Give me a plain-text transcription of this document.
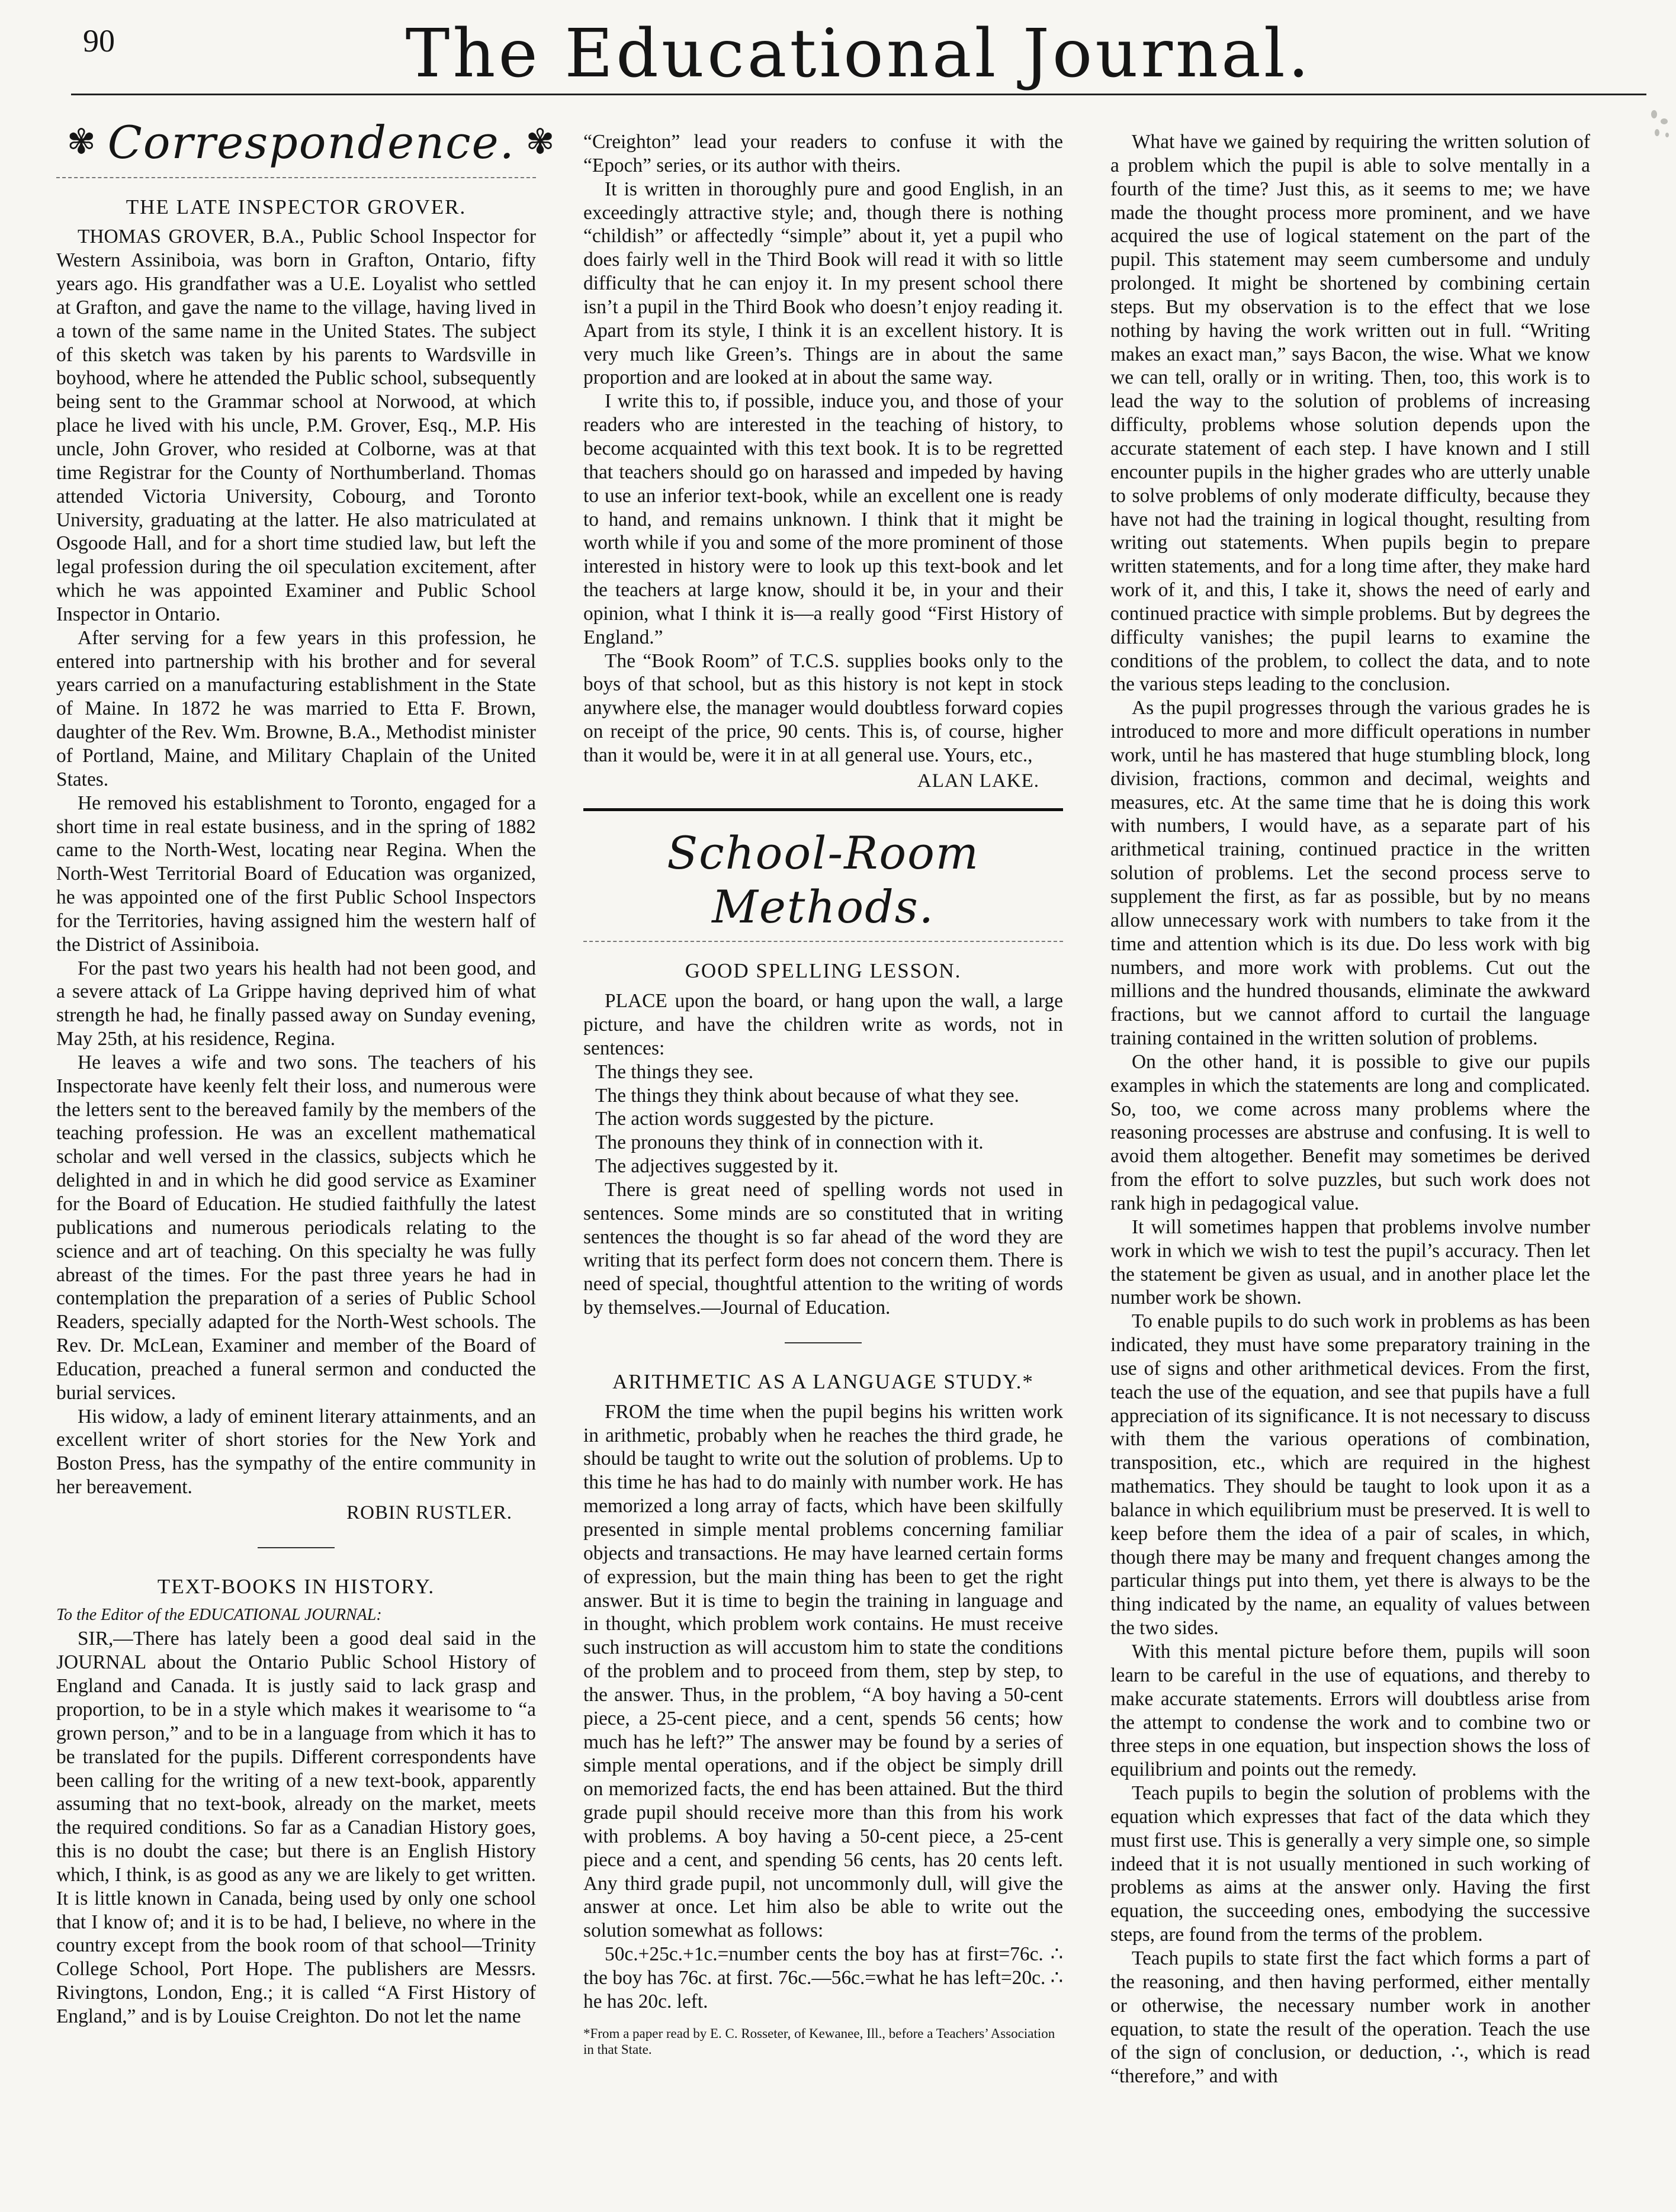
90	The Educational Journal.
✾ Correspondence. ✾
THE LATE INSPECTOR GROVER.

THOMAS GROVER, B.A., Public School Inspector for Western Assiniboia, was born in Grafton, Ontario, fifty years ago. His grandfather was a U.E. Loyalist who settled at Grafton, and gave the name to the village, having lived in a town of the same name in the United States. The subject of this sketch was taken by his parents to Wardsville in boyhood, where he attended the Public school, subsequently being sent to the Grammar school at Norwood, at which place he lived with his uncle, P.M. Grover, Esq., M.P. His uncle, John Grover, who resided at Colborne, was at that time Registrar for the County of Northumberland. Thomas attended Victoria University, Cobourg, and Toronto University, graduating at the latter. He also matriculated at Osgoode Hall, and for a short time studied law, but left the legal profession during the oil speculation excitement, after which he was appointed Examiner and Public School Inspector in Ontario.

After serving for a few years in this profession, he entered into partnership with his brother and for several years carried on a manufacturing establishment in the State of Maine. In 1872 he was married to Etta F. Brown, daughter of the Rev. Wm. Browne, B.A., Methodist minister of Portland, Maine, and Military Chaplain of the United States.

He removed his establishment to Toronto, engaged for a short time in real estate business, and in the spring of 1882 came to the North-West, locating near Regina. When the North-West Territorial Board of Education was organized, he was appointed one of the first Public School Inspectors for the Territories, having assigned him the western half of the District of Assiniboia.

For the past two years his health had not been good, and a severe attack of La Grippe having deprived him of what strength he had, he finally passed away on Sunday evening, May 25th, at his residence, Regina.

He leaves a wife and two sons. The teachers of his Inspectorate have keenly felt their loss, and numerous were the letters sent to the bereaved family by the members of the teaching profession. He was an excellent mathematical scholar and well versed in the classics, subjects which he delighted in and in which he did good service as Examiner for the Board of Education. He studied faithfully the latest publications and numerous periodicals relating to the science and art of teaching. On this specialty he was fully abreast of the times. For the past three years he had in contemplation the preparation of a series of Public School Readers, specially adapted for the North-West schools. The Rev. Dr. McLean, Examiner and member of the Board of Education, preached a funeral sermon and conducted the burial services.

His widow, a lady of eminent literary attainments, and an excellent writer of short stories for the New York and Boston Press, has the sympathy of the entire community in her bereavement.

ROBIN RUSTLER.
TEXT-BOOKS IN HISTORY.
To the Editor of the EDUCATIONAL JOURNAL:

SIR,—There has lately been a good deal said in the JOURNAL about the Ontario Public School History of England and Canada. It is justly said to lack grasp and proportion, to be in a style which makes it wearisome to “a grown person,” and to be in a language from which it has to be translated for the pupils. Different correspondents have been calling for the writing of a new text-book, apparently assuming that no text-book, already on the market, meets the required conditions. So far as a Canadian History goes, this is no doubt the case; but there is an English History which, I think, is as good as any we are likely to get written. It is little known in Canada, being used by only one school that I know of; and it is to be had, I believe, no where in the country except from the book room of that school—Trinity College School, Port Hope. The publishers are Messrs. Rivingtons, London, Eng.; it is called “A First History of England,” and is by Louise Creighton. Do not let the name

“Creighton” lead your readers to confuse it with the “Epoch” series, or its author with theirs.

It is written in thoroughly pure and good English, in an exceedingly attractive style; and, though there is nothing “childish” or affectedly “simple” about it, yet a pupil who does fairly well in the Third Book will read it with so little difficulty that he can enjoy it. In my present school there isn’t a pupil in the Third Book who doesn’t enjoy reading it. Apart from its style, I think it is an excellent history. It is very much like Green’s. Things are in about the same proportion and are looked at in about the same way.

I write this to, if possible, induce you, and those of your readers who are interested in the teaching of history, to become acquainted with this text book. It is to be regretted that teachers should go on harassed and impeded by having to use an inferior text-book, while an excellent one is ready to hand, and remains unknown. I think that it might be worth while if you and some of the more prominent of those interested in history were to look up this text-book and let the teachers at large know, should it be, in your and their opinion, what I think it is—a really good “First History of England.”

The “Book Room” of T.C.S. supplies books only to the boys of that school, but as this history is not kept in stock anywhere else, the manager would doubtless forward copies on receipt of the price, 90 cents. This is, of course, higher than it would be, were it in at all general use. Yours, etc.,

ALAN LAKE.
School-Room Methods.
GOOD SPELLING LESSON.

PLACE upon the board, or hang upon the wall, a large picture, and have the children write as words, not in sentences:

The things they see.
The things they think about because of what they see.
The action words suggested by the picture.
The pronouns they think of in connection with it.
The adjectives suggested by it.

There is great need of spelling words not used in sentences. Some minds are so constituted that in writing sentences the thought is so far ahead of the word they are writing that its perfect form does not concern them. There is need of special, thoughtful attention to the writing of words by themselves.—Journal of Education.

ARITHMETIC AS A LANGUAGE STUDY.*

FROM the time when the pupil begins his written work in arithmetic, probably when he reaches the third grade, he should be taught to write out the solution of problems. Up to this time he has had to do mainly with number work. He has memorized a long array of facts, which have been skilfully presented in simple mental problems concerning familiar objects and transactions. He may have learned certain forms of expression, but the main thing has been to get the right answer. But it is time to begin the training in language and in thought, which problem work contains. He must receive such instruction as will accustom him to state the conditions of the problem and to proceed from them, step by step, to the answer. Thus, in the problem, “A boy having a 50-cent piece, a 25-cent piece, and a cent, spends 56 cents; how much has he left?” The answer may be found by a series of simple mental operations, and if the object be simply drill on memorized facts, the end has been attained. But the third grade pupil should receive more than this from his work with problems. A boy having a 50-cent piece, a 25-cent piece and a cent, and spending 56 cents, has 20 cents left. Any third grade pupil, not uncommonly dull, will give the answer at once. Let him also be able to write out the solution somewhat as follows:

50c.+25c.+1c.=number cents the boy has at first=76c. ∴ the boy has 76c. at first. 76c.—56c.=what he has left=20c. ∴ he has 20c. left.

*From a paper read by E. C. Rosseter, of Kewanee, Ill., before a Teachers’ Association in that State.

What have we gained by requiring the written solution of a problem which the pupil is able to solve mentally in a fourth of the time? Just this, as it seems to me; we have made the thought process more prominent, and we have acquired the use of logical statement on the part of the pupil. This statement may seem cumbersome and unduly prolonged. It might be shortened by combining certain steps. But my observation is to the effect that we lose nothing by having the work written out in full. “Writing makes an exact man,” says Bacon, the wise. What we know we can tell, orally or in writing. Then, too, this work is to lead the way to the solution of problems of increasing difficulty, problems whose solution depends upon the accurate statement of each step. I have known and I still encounter pupils in the higher grades who are utterly unable to solve problems of only moderate difficulty, because they have not had the training in logical thought, resulting from writing out statements. When pupils begin to prepare written statements, and for a long time after, they make hard work of it, and this, I take it, shows the need of early and continued practice with simple problems. But by degrees the difficulty vanishes; the pupil learns to examine the conditions of the problem, to collect the data, and to note the various steps leading to the conclusion.

As the pupil progresses through the various grades he is introduced to more and more difficult operations in number work, until he has mastered that huge stumbling block, long division, fractions, common and decimal, weights and measures, etc. At the same time that he is doing this work with numbers, I would have, as a separate part of his arithmetical training, continued practice in the written solution of problems. Let the second process serve to supplement the first, as far as possible, but by no means allow unnecessary work with numbers to take from it the time and attention which is its due. Do less work with big numbers, and more work with problems. Cut out the millions and the hundred thousands, eliminate the awkward fractions, but we cannot afford to curtail the language training contained in the written solution of problems.

On the other hand, it is possible to give our pupils examples in which the statements are long and complicated. So, too, we come across many problems where the reasoning processes are abstruse and confusing. It is well to avoid them altogether. Benefit may sometimes be derived from the effort to solve puzzles, but such work does not rank high in pedagogical value.

It will sometimes happen that problems involve number work in which we wish to test the pupil’s accuracy. Then let the statement be given as usual, and in another place let the number work be shown.

To enable pupils to do such work in problems as has been indicated, they must have some preparatory training in the use of signs and other arithmetical devices. From the first, teach the use of the equation, and see that pupils have a full appreciation of its significance. It is not necessary to discuss with them the various operations of combination, transposition, etc., which are required in the highest mathematics. They should be taught to look upon it as a balance in which equilibrium must be preserved. It is well to keep before them the idea of a pair of scales, in which, though there may be many and frequent changes among the particular things put into them, yet there is always to be the thing indicated by the name, an equality of values between the two sides.

With this mental picture before them, pupils will soon learn to be careful in the use of equations, and thereby to make accurate statements. Errors will doubtless arise from the attempt to condense the work and to combine two or three steps in one equation, but inspection shows the loss of equilibrium and points out the remedy.

Teach pupils to begin the solution of problems with the equation which expresses that fact of the data which they must first use. This is generally a very simple one, so simple indeed that it is not usually mentioned in such working of problems as aims at the answer only. Having the first equation, the succeeding ones, embodying the successive steps, are found from the terms of the problem.

Teach pupils to state first the fact which forms a part of the reasoning, and then having performed, either mentally or otherwise, the necessary number work in another equation, to state the result of the operation. Teach the use of the sign of conclusion, or deduction, ∴, which is read “therefore,” and with
